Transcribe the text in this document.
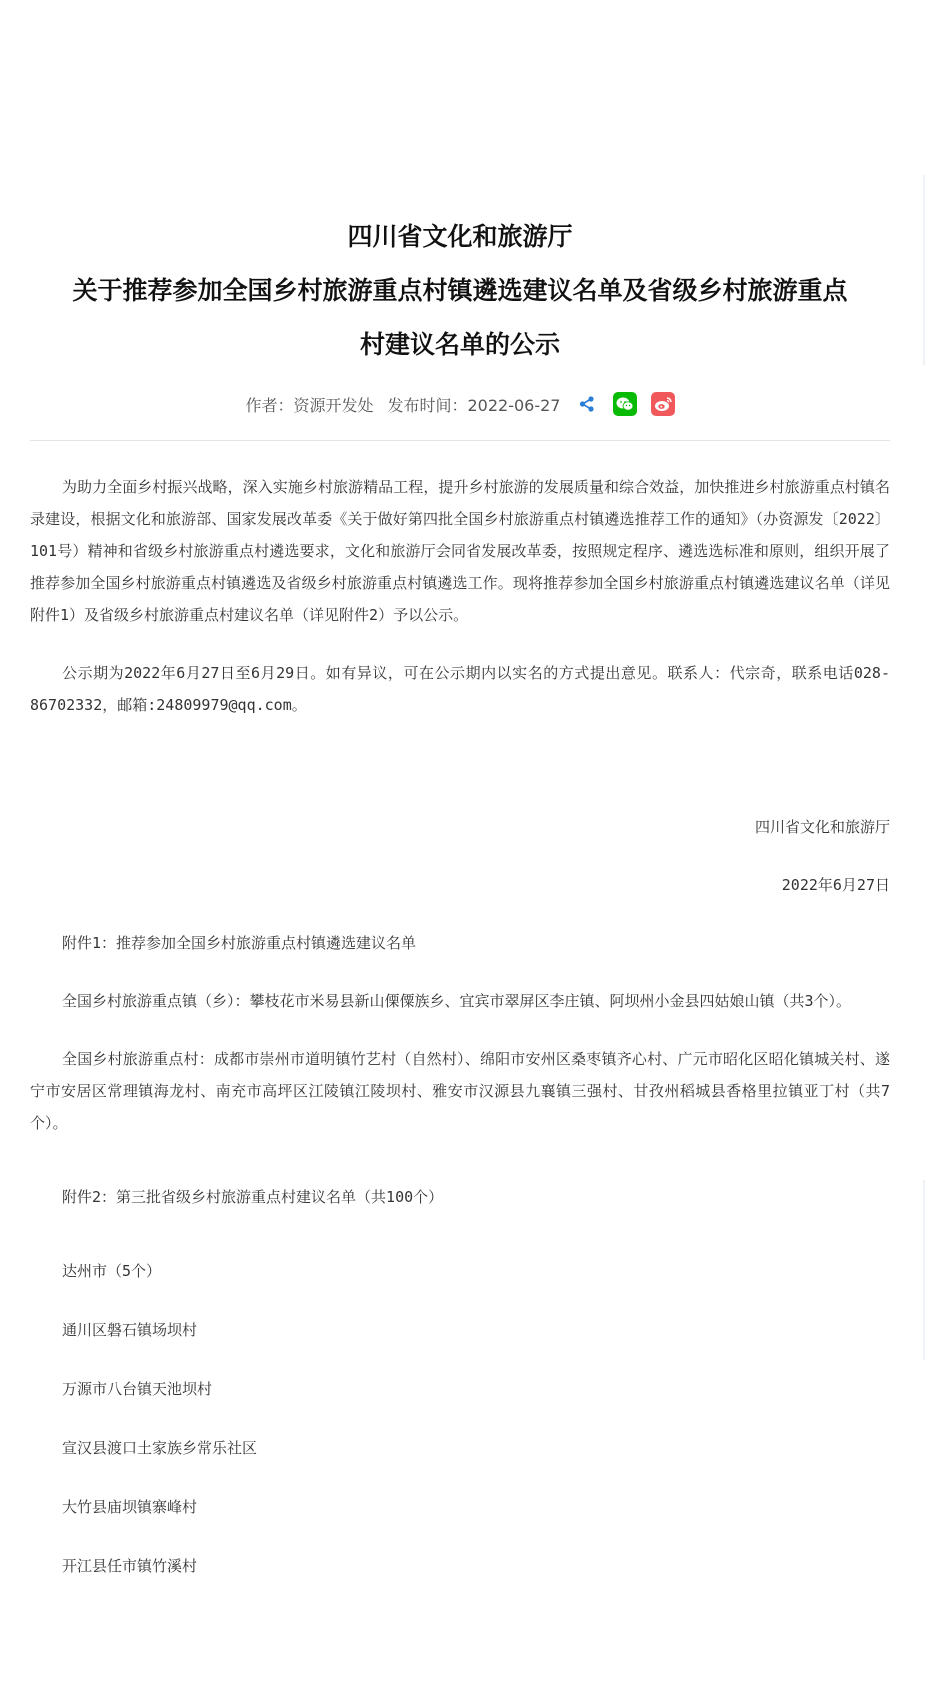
四川省文化和旅游厅
关于推荐参加全国乡村旅游重点村镇遴选建议名单及省级乡村旅游重点
村建议名单的公示
作者：资源开发处 发布时间：2022-06-27

为助力全面乡村振兴战略，深入实施乡村旅游精品工程，提升乡村旅游的发展质量和综合效益，加快推进乡村旅游重点村镇名录建设，根据文化和旅游部、国家发展改革委《关于做好第四批全国乡村旅游重点村镇遴选推荐工作的通知》（办资源发〔2022〕101号）精神和省级乡村旅游重点村遴选要求，文化和旅游厅会同省发展改革委，按照规定程序、遴选选标准和原则，组织开展了推荐参加全国乡村旅游重点村镇遴选及省级乡村旅游重点村镇遴选工作。现将推荐参加全国乡村旅游重点村镇遴选建议名单（详见附件1）及省级乡村旅游重点村建议名单（详见附件2）予以公示。

公示期为2022年6月27日至6月29日。如有异议，可在公示期内以实名的方式提出意见。联系人：代宗奇，联系电话028-86702332，邮箱:24809979@qq.com。

四川省文化和旅游厅

2022年6月27日

附件1：推荐参加全国乡村旅游重点村镇遴选建议名单

全国乡村旅游重点镇（乡）：攀枝花市米易县新山傈僳族乡、宜宾市翠屏区李庄镇、阿坝州小金县四姑娘山镇（共3个）。

全国乡村旅游重点村：成都市崇州市道明镇竹艺村（自然村）、绵阳市安州区桑枣镇齐心村、广元市昭化区昭化镇城关村、遂宁市安居区常理镇海龙村、南充市高坪区江陵镇江陵坝村、雅安市汉源县九襄镇三强村、甘孜州稻城县香格里拉镇亚丁村（共7个）。

附件2：第三批省级乡村旅游重点村建议名单（共100个）

达州市（5个）

通川区磐石镇场坝村

万源市八台镇天池坝村

宣汉县渡口土家族乡常乐社区

大竹县庙坝镇寨峰村

开江县任市镇竹溪村
